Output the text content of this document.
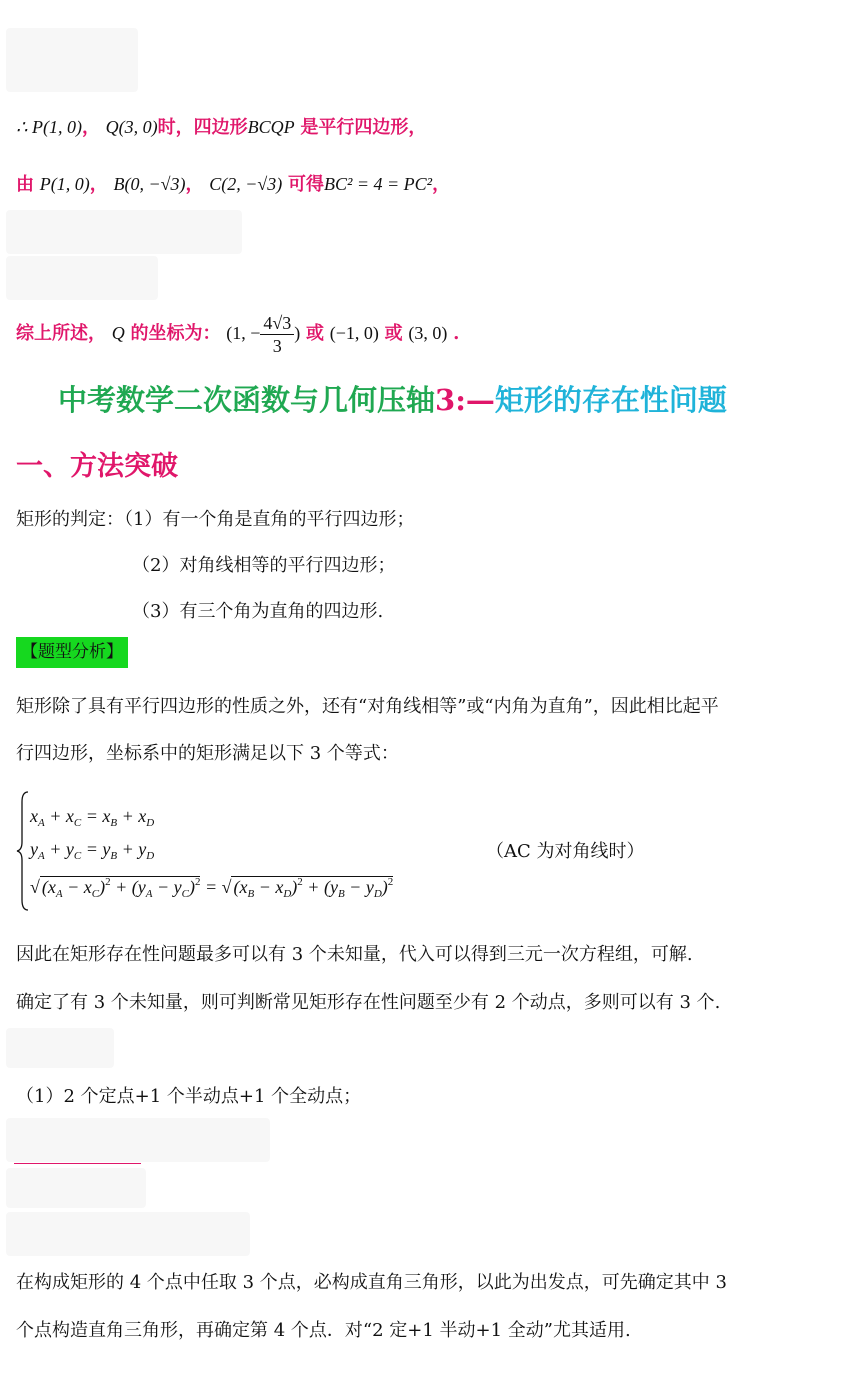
∴ P(1, 0)， Q(3, 0)时，四边形BCQP 是平行四边形，
由 P(1, 0)， B(0, −√3)， C(2, −√3) 可得BC² = 4 = PC²，
综上所述， Q 的坐标为： (1, − $\frac{4√3}{3}$ ) 或 (−1, 0) 或 (3, 0) .
中考数学二次函数与几何压轴3:—矩形的存在性问题
一、方法突破
矩形的判定：（1）有一个角是直角的平行四边形；
（2）对角线相等的平行四边形；
（3）有三个角为直角的四边形.
【题型分析】
矩形除了具有平行四边形的性质之外，还有“对角线相等”或“内角为直角”，因此相比起平
行四边形，坐标系中的矩形满足以下 3 个等式：
$x_A + x_C = x_B + x_D$
$y_A + y_C = y_B + y_D$
√ $(x_A - x_C)^2 + (y_A - y_C)^2$ = √ $(x_B - x_D)^2 + (y_B - y_D)^2$
（AC 为对角线时）
因此在矩形存在性问题最多可以有 3 个未知量，代入可以得到三元一次方程组，可解.
确定了有 3 个未知量，则可判断常见矩形存在性问题至少有 2 个动点，多则可以有 3 个.
（1）2 个定点+1 个半动点+1 个全动点；
在构成矩形的 4 个点中任取 3 个点，必构成直角三角形，以此为出发点，可先确定其中 3
个点构造直角三角形，再确定第 4 个点．对“2 定+1 半动+1 全动”尤其适用.
